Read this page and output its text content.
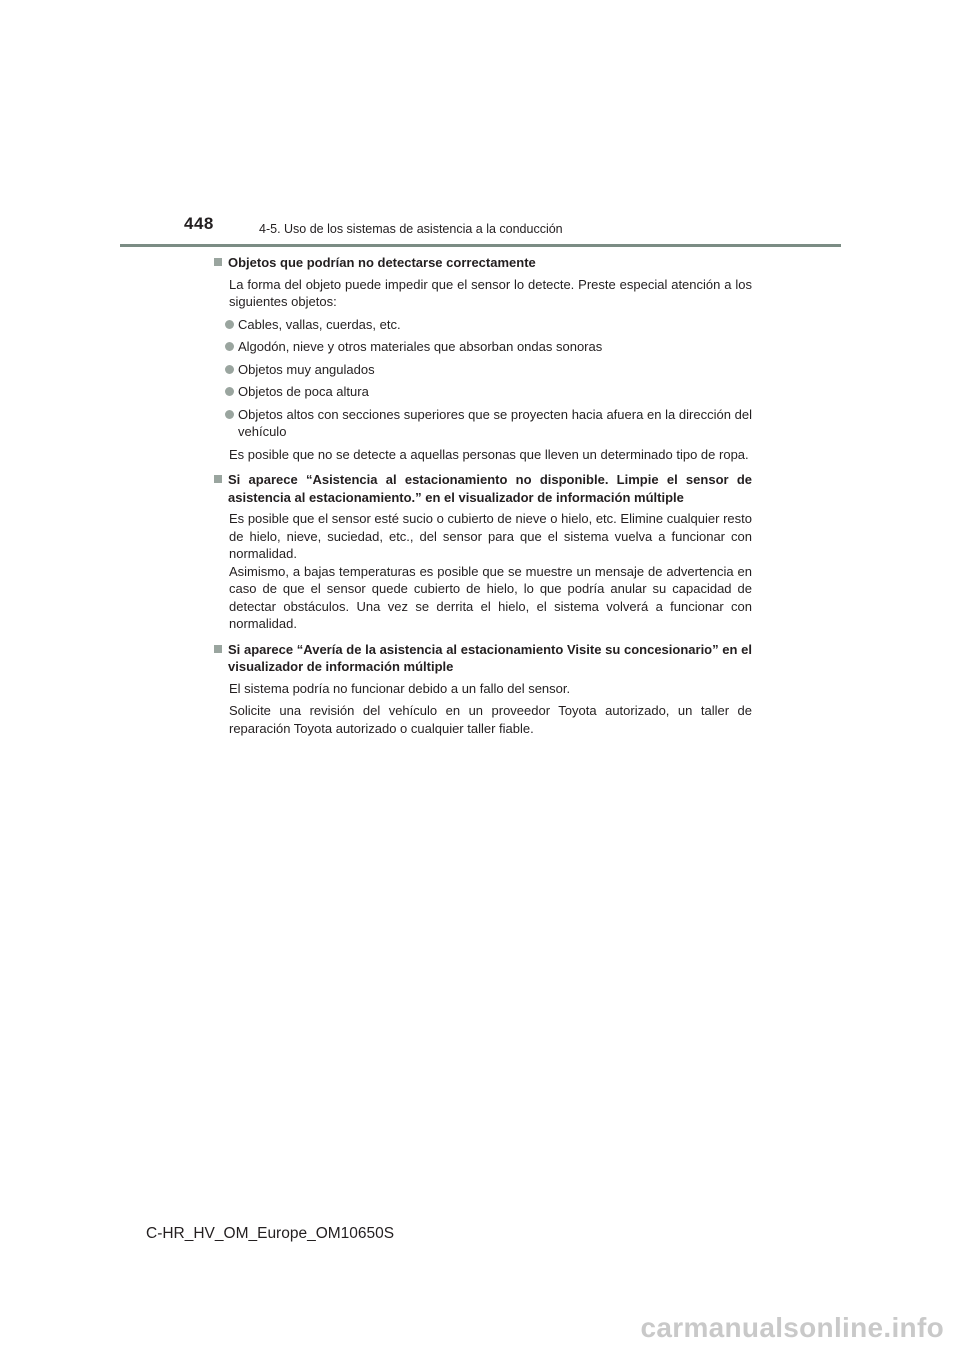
448	4-5. Uso de los sistemas de asistencia a la conducción
Objetos que podrían no detectarse correctamente
La forma del objeto puede impedir que el sensor lo detecte. Preste especial atención a los siguientes objetos:
Cables, vallas, cuerdas, etc.
Algodón, nieve y otros materiales que absorban ondas sonoras
Objetos muy angulados
Objetos de poca altura
Objetos altos con secciones superiores que se proyecten hacia afuera en la dirección del vehículo
Es posible que no se detecte a aquellas personas que lleven un determinado tipo de ropa.
Si aparece “Asistencia al estacionamiento no disponible. Limpie el sensor de asistencia al estacionamiento.” en el visualizador de información múltiple
Es posible que el sensor esté sucio o cubierto de nieve o hielo, etc. Elimine cualquier resto de hielo, nieve, suciedad, etc., del sensor para que el sistema vuelva a funcionar con normalidad.
Asimismo, a bajas temperaturas es posible que se muestre un mensaje de advertencia en caso de que el sensor quede cubierto de hielo, lo que podría anular su capacidad de detectar obstáculos. Una vez se derrita el hielo, el sistema volverá a funcionar con normalidad.
Si aparece “Avería de la asistencia al estacionamiento Visite su concesionario” en el visualizador de información múltiple
El sistema podría no funcionar debido a un fallo del sensor.
Solicite una revisión del vehículo en un proveedor Toyota autorizado, un taller de reparación Toyota autorizado o cualquier taller fiable.
C-HR_HV_OM_Europe_OM10650S
carmanualsonline.info
